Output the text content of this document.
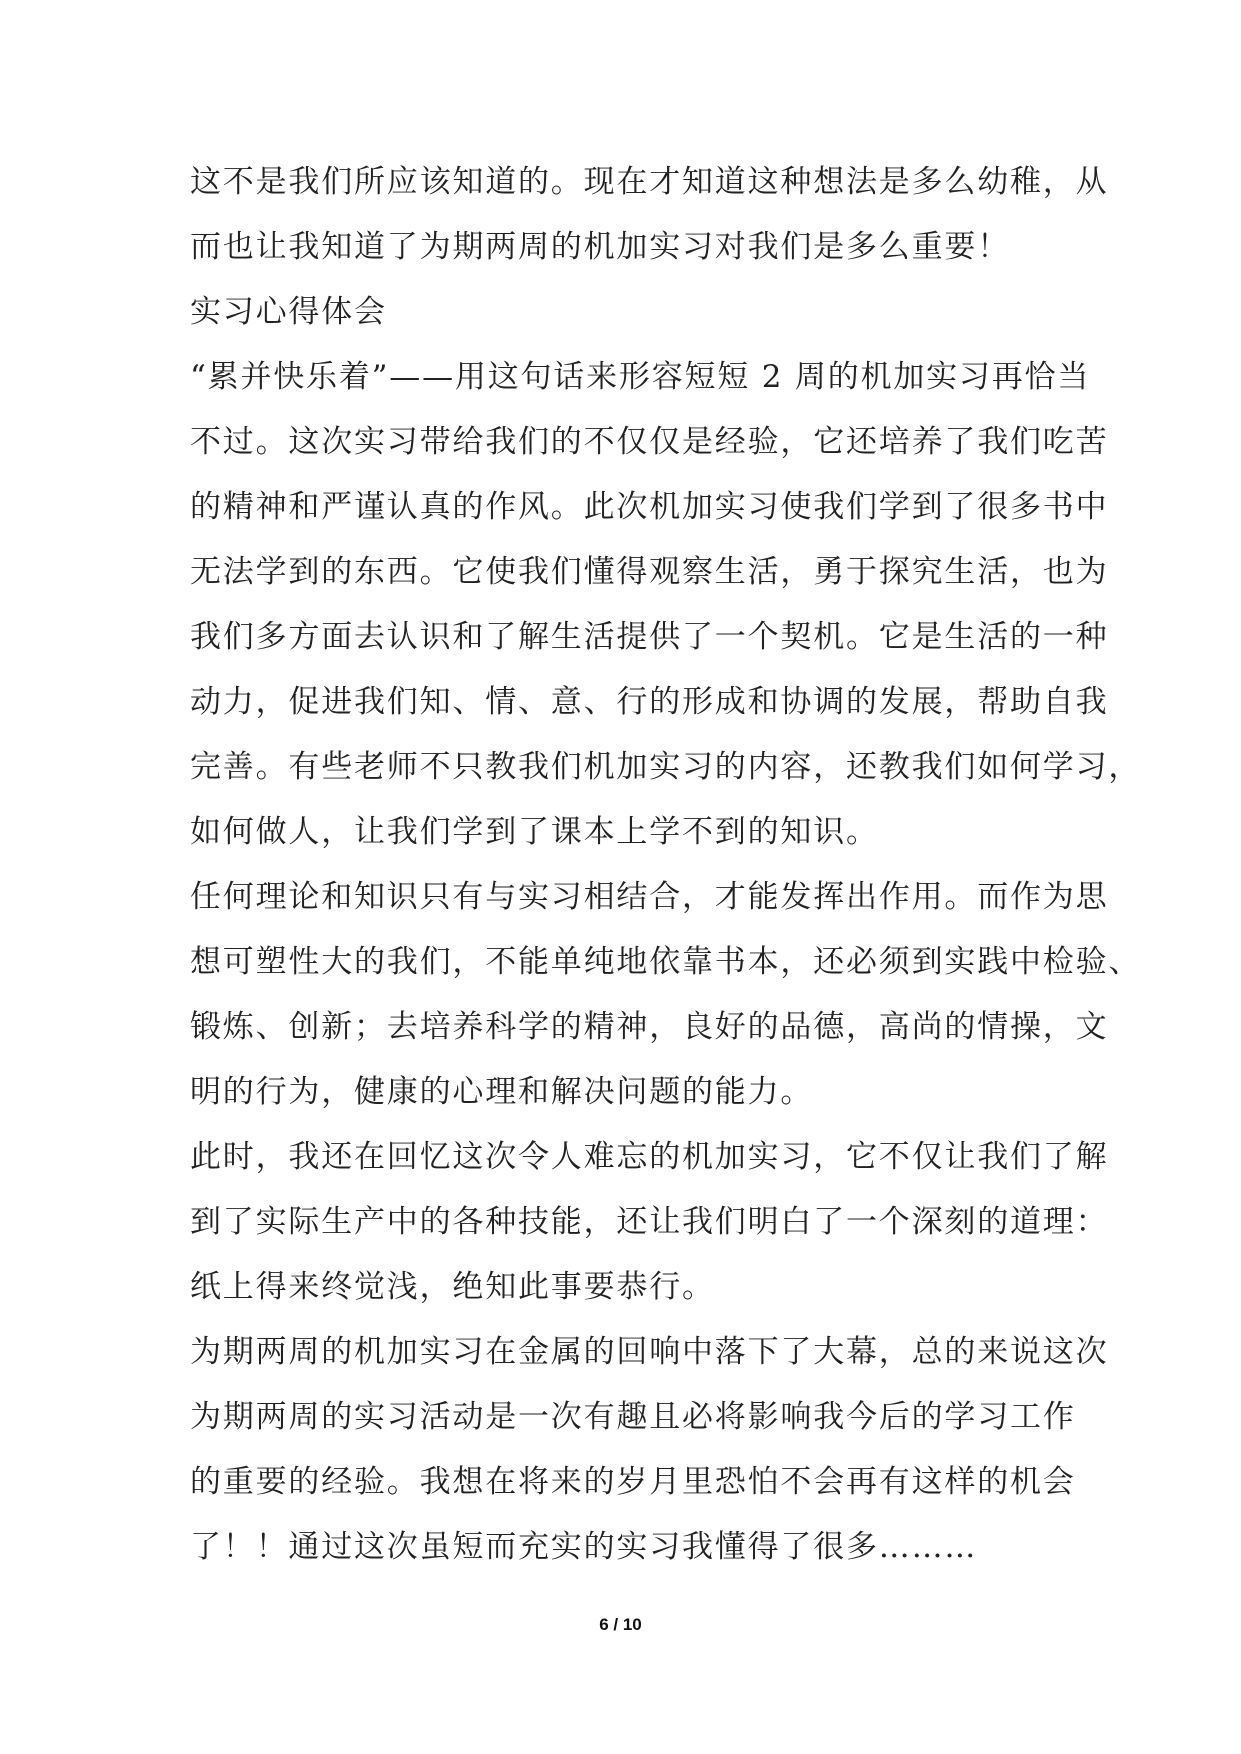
这不是我们所应该知道的。现在才知道这种想法是多么幼稚，从
而也让我知道了为期两周的机加实习对我们是多么重要！
实习心得体会
“累并快乐着”——用这句话来形容短短 2 周的机加实习再恰当
不过。这次实习带给我们的不仅仅是经验，它还培养了我们吃苦
的精神和严谨认真的作风。此次机加实习使我们学到了很多书中
无法学到的东西。它使我们懂得观察生活，勇于探究生活，也为
我们多方面去认识和了解生活提供了一个契机。它是生活的一种
动力，促进我们知、情、意、行的形成和协调的发展，帮助自我
完善。有些老师不只教我们机加实习的内容，还教我们如何学习，
如何做人，让我们学到了课本上学不到的知识。
任何理论和知识只有与实习相结合，才能发挥出作用。而作为思
想可塑性大的我们，不能单纯地依靠书本，还必须到实践中检验、
锻炼、创新；去培养科学的精神，良好的品德，高尚的情操，文
明的行为，健康的心理和解决问题的能力。
此时，我还在回忆这次令人难忘的机加实习，它不仅让我们了解
到了实际生产中的各种技能，还让我们明白了一个深刻的道理：
纸上得来终觉浅，绝知此事要恭行。
为期两周的机加实习在金属的回响中落下了大幕，总的来说这次
为期两周的实习活动是一次有趣且必将影响我今后的学习工作
的重要的经验。我想在将来的岁月里恐怕不会再有这样的机会
了！！通过这次虽短而充实的实习我懂得了很多………
6 / 10
